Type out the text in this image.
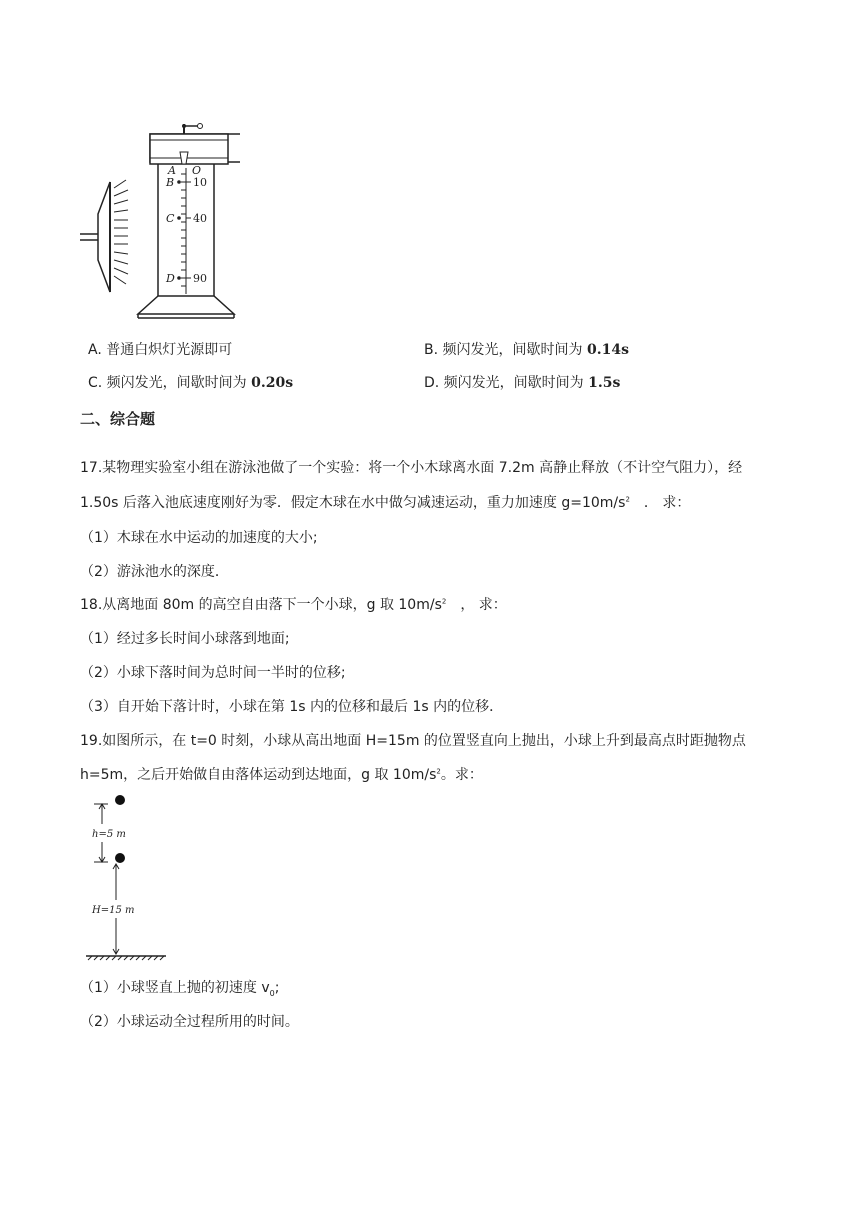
A O
B
C
D
10
40
90
A. 普通白炽灯光源即可	B. 频闪发光，间歇时间为 0.14s
C. 频闪发光，间歇时间为 0.20s	D. 频闪发光，间歇时间为 1.5s
二、综合题
17.某物理实验室小组在游泳池做了一个实验：将一个小木球离水面 7.2m 高静止释放（不计空气阻力），经
1.50s 后落入池底速度刚好为零．假定木球在水中做匀减速运动，重力加速度 $g=10m/s^2$　． 求：
（1）木球在水中运动的加速度的大小;
（2）游泳池水的深度．
18.从离地面 80m 的高空自由落下一个小球，g 取 $10m/s^2$　， 求：
（1）经过多长时间小球落到地面;
（2）小球下落时间为总时间一半时的位移;
（3）自开始下落计时，小球在第 1s 内的位移和最后 1s 内的位移．
19.如图所示，在 t=0 时刻，小球从高出地面 H=15m 的位置竖直向上抛出，小球上升到最高点时距抛物点
h=5m，之后开始做自由落体运动到达地面，g 取 $10m/s^2$。求：
h=5 m
H=15 m
（1）小球竖直上抛的初速度 $v_0$;
（2）小球运动全过程所用的时间。
